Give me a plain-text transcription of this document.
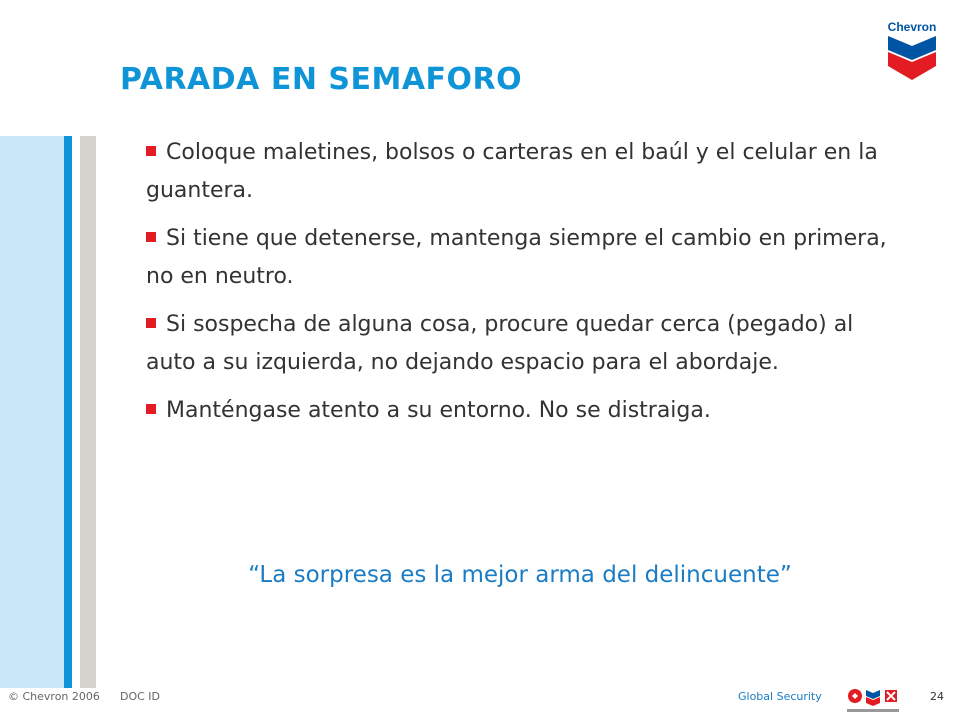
PARADA EN SEMAFORO
Coloque maletines, bolsos o carteras en el baúl y el celular en la guantera.
Si tiene que detenerse, mantenga siempre el cambio en primera, no en neutro.
Si sospecha de alguna cosa, procure quedar cerca (pegado) al auto a su izquierda, no dejando espacio para el abordaje.
Manténgase atento a su entorno. No se distraiga.
“La sorpresa es la mejor arma del delincuente”
Chevron
© Chevron 2006 DOC ID	Global Security	24
